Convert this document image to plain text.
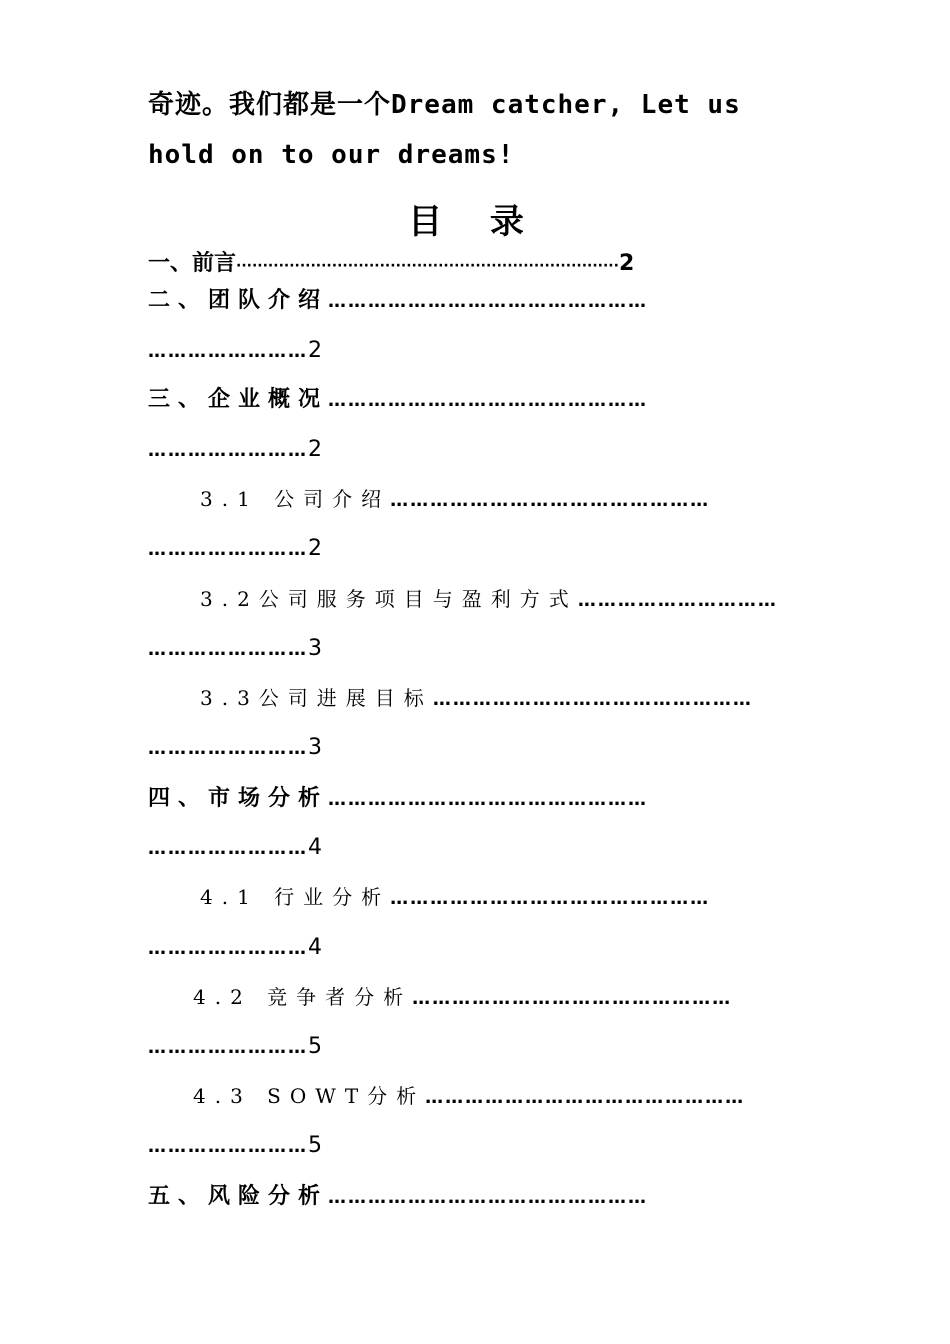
奇迹。我们都是一个Dream catcher, Let us
hold on to our dreams!
目 录
一、前言········································································2
二、团队介绍…………………………………………
……………………2
三、企业概况…………………………………………
……………………2
3.1 公司介绍…………………………………………
……………………2
3.2公司服务项目与盈利方式…………………………
……………………3
3.3公司进展目标…………………………………………
……………………3
四、市场分析…………………………………………
……………………4
4.1 行业分析…………………………………………
……………………4
4.2 竞争者分析…………………………………………
……………………5
4.3 SOWT分析…………………………………………
……………………5
五、风险分析…………………………………………
